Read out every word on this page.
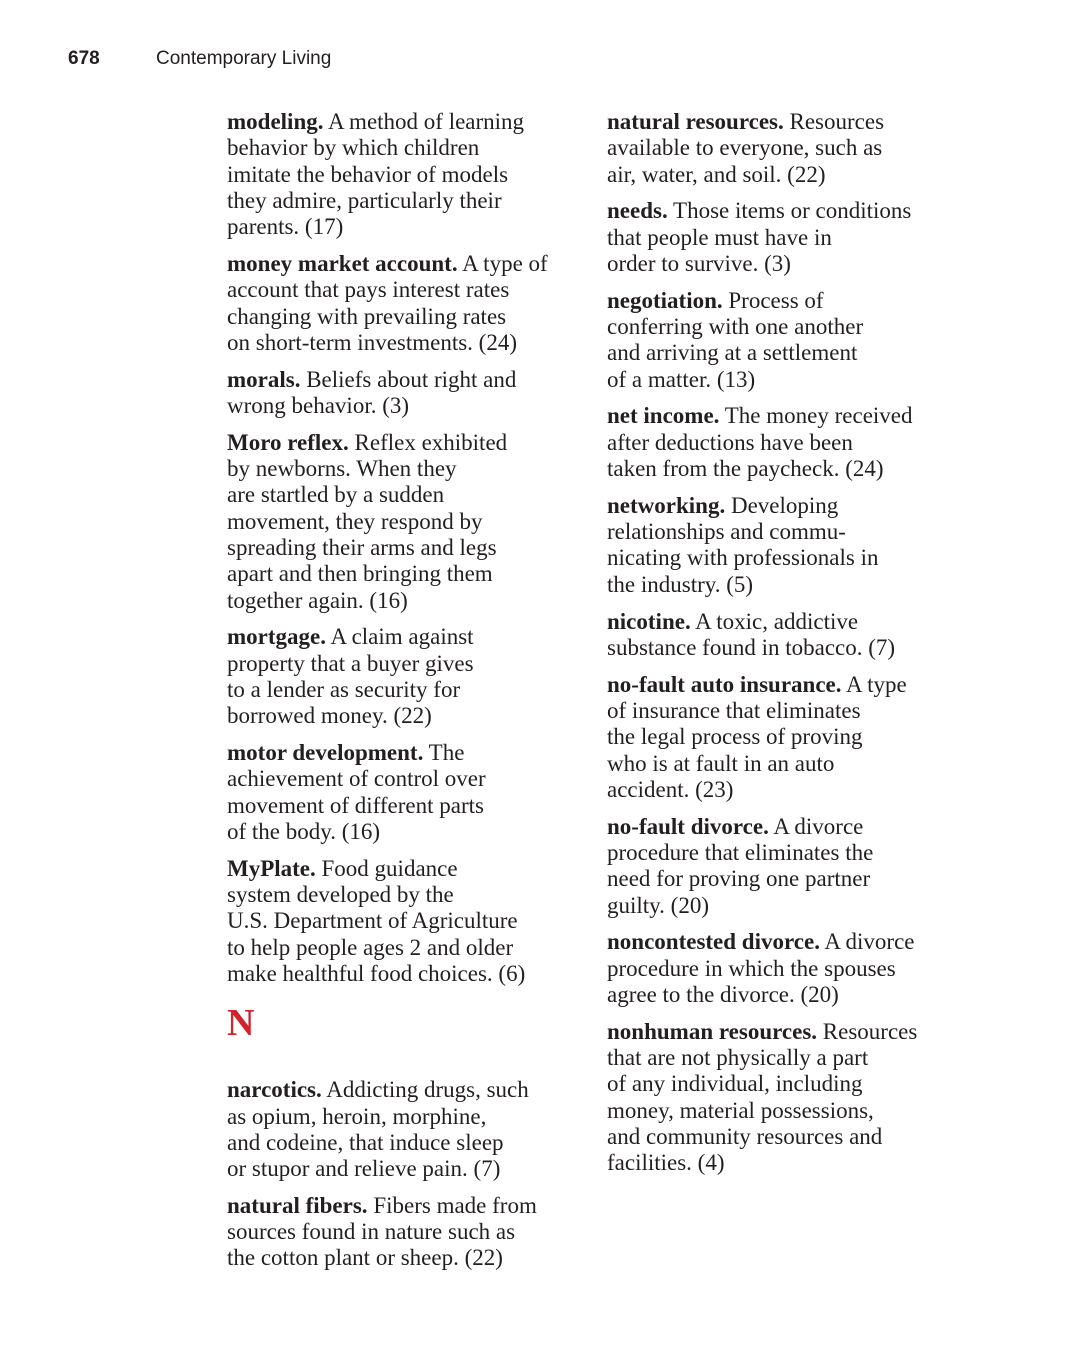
678	Contemporary Living
modeling. A method of learning
behavior by which children
imitate the behavior of models
they admire, particularly their
parents. (17)
money market account. A type of
account that pays interest rates
changing with prevailing rates
on short-term investments. (24)
morals. Beliefs about right and
wrong behavior. (3)
Moro reflex. Reflex exhibited
by newborns. When they
are startled by a sudden
movement, they respond by
spreading their arms and legs
apart and then bringing them
together again. (16)
mortgage. A claim against
property that a buyer gives
to a lender as security for
borrowed money. (22)
motor development. The
achievement of control over
movement of different parts
of the body. (16)
MyPlate. Food guidance
system developed by the
U.S. Department of Agriculture
to help people ages 2 and older
make healthful food choices. (6)
N
narcotics. Addicting drugs, such
as opium, heroin, morphine,
and codeine, that induce sleep
or stupor and relieve pain. (7)
natural fibers. Fibers made from
sources found in nature such as
the cotton plant or sheep. (22)
natural resources. Resources
available to everyone, such as
air, water, and soil. (22)
needs. Those items or conditions
that people must have in
order to survive. (3)
negotiation. Process of
conferring with one another
and arriving at a settlement
of a matter. (13)
net income. The money received
after deductions have been
taken from the paycheck. (24)
networking. Developing
relationships and commu-
nicating with professionals in
the industry. (5)
nicotine. A toxic, addictive
substance found in tobacco. (7)
no-fault auto insurance. A type
of insurance that eliminates
the legal process of proving
who is at fault in an auto
accident. (23)
no-fault divorce. A divorce
procedure that eliminates the
need for proving one partner
guilty. (20)
noncontested divorce. A divorce
procedure in which the spouses
agree to the divorce. (20)
nonhuman resources. Resources
that are not physically a part
of any individual, including
money, material possessions,
and community resources and
facilities. (4)
